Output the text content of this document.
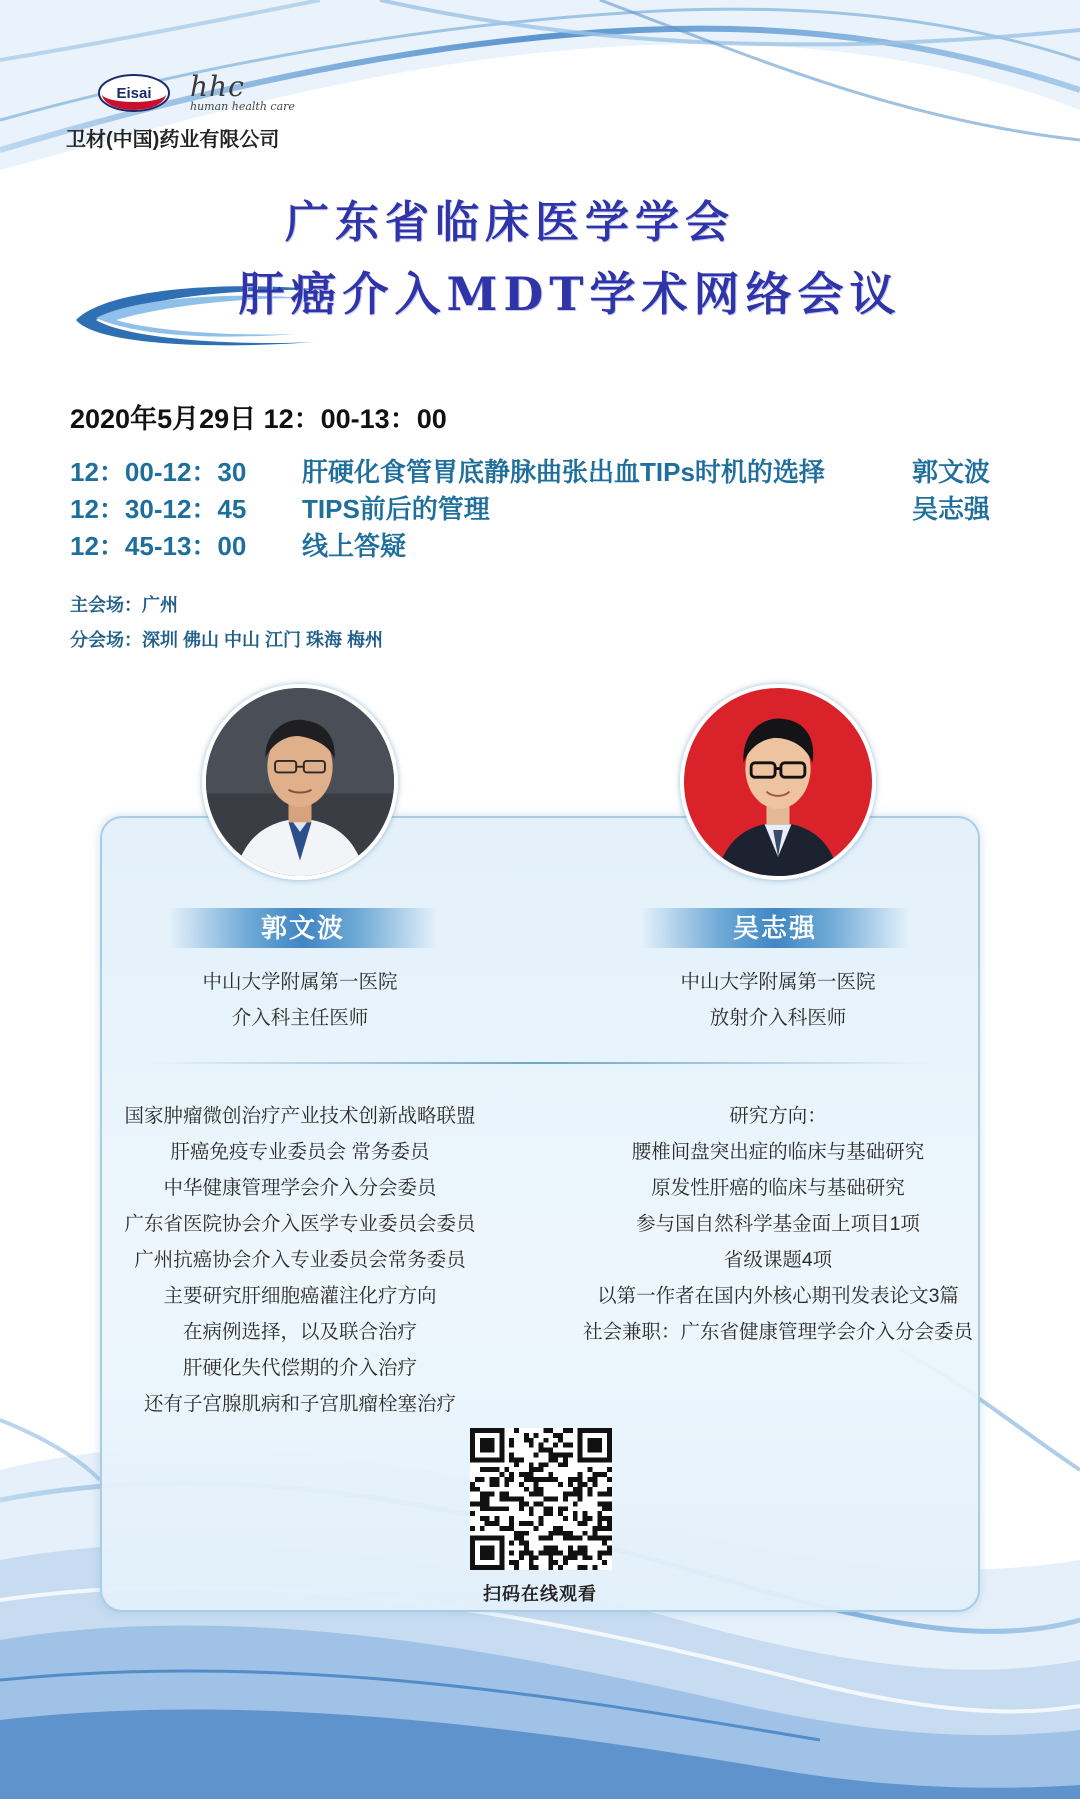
Eisai hhc
human health care
卫材(中国)药业有限公司
广东省临床医学学会
肝癌介入MDT学术网络会议
2020年5月29日 12：00-13：00
12：00-12：30 肝硬化食管胃底静脉曲张出血TIPs时机的选择	郭文波
12：30-12：45 TIPS前后的管理	吴志强
12：45-13：00 线上答疑
主会场：广州
分会场：深圳 佛山 中山 江门 珠海 梅州
郭文波	吴志强
中山大学附属第一医院
介入科主任医师
中山大学附属第一医院
放射介入科医师
国家肿瘤微创治疗产业技术创新战略联盟
肝癌免疫专业委员会 常务委员
中华健康管理学会介入分会委员
广东省医院协会介入医学专业委员会委员
广州抗癌协会介入专业委员会常务委员
主要研究肝细胞癌灌注化疗方向
在病例选择，以及联合治疗
肝硬化失代偿期的介入治疗
还有子宫腺肌病和子宫肌瘤栓塞治疗
研究方向：
腰椎间盘突出症的临床与基础研究
原发性肝癌的临床与基础研究
参与国自然科学基金面上项目1项
省级课题4项
以第一作者在国内外核心期刊发表论文3篇
社会兼职：广东省健康管理学会介入分会委员
扫码在线观看
